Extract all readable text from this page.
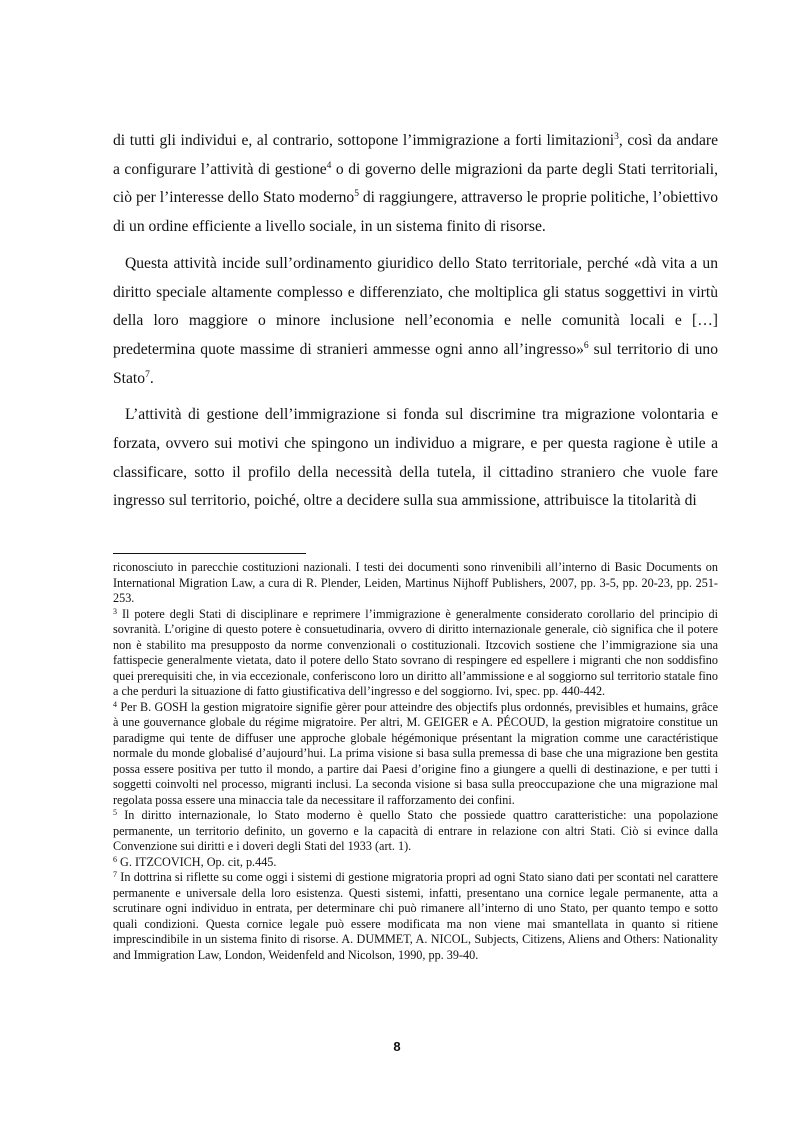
di tutti gli individui e, al contrario, sottopone l’immigrazione a forti limitazioni$^3$, così da andare a configurare l’attività di gestione$^4$ o di governo delle migrazioni da parte degli Stati territoriali, ciò per l’interesse dello Stato moderno$^5$ di raggiungere, attraverso le proprie politiche, l’obiettivo di un ordine efficiente a livello sociale, in un sistema finito di risorse.

Questa attività incide sull’ordinamento giuridico dello Stato territoriale, perché «dà vita a un diritto speciale altamente complesso e differenziato, che moltiplica gli status soggettivi in virtù della loro maggiore o minore inclusione nell’economia e nelle comunità locali e […] predetermina quote massime di stranieri ammesse ogni anno all’ingresso»$^6$ sul territorio di uno Stato$^7$.

L’attività di gestione dell’immigrazione si fonda sul discrimine tra migrazione volontaria e forzata, ovvero sui motivi che spingono un individuo a migrare, e per questa ragione è utile a classificare, sotto il profilo della necessità della tutela, il cittadino straniero che vuole fare ingresso sul territorio, poiché, oltre a decidere sulla sua ammissione, attribuisce la titolarità di

riconosciuto in parecchie costituzioni nazionali. I testi dei documenti sono rinvenibili all’interno di Basic Documents on International Migration Law, a cura di R. Plender, Leiden, Martinus Nijhoff Publishers, 2007, pp. 3-5, pp. 20-23, pp. 251-253.

$^3$ Il potere degli Stati di disciplinare e reprimere l’immigrazione è generalmente considerato corollario del principio di sovranità. L’origine di questo potere è consuetudinaria, ovvero di diritto internazionale generale, ciò significa che il potere non è stabilito ma presupposto da norme convenzionali o costituzionali. Itzcovich sostiene che l’immigrazione sia una fattispecie generalmente vietata, dato il potere dello Stato sovrano di respingere ed espellere i migranti che non soddisfino quei prerequisiti che, in via eccezionale, conferiscono loro un diritto all’ammissione e al soggiorno sul territorio statale fino a che perduri la situazione di fatto giustificativa dell’ingresso e del soggiorno. Ivi, spec. pp. 440-442.

$^4$ Per B. GOSH la gestion migratoire signifie gèrer pour atteindre des objectifs plus ordonnés, previsibles et humains, grâce à une gouvernance globale du régime migratoire. Per altri, M. GEIGER e A. PÉCOUD, la gestion migratoire constitue un paradigme qui tente de diffuser une approche globale hégémonique présentant la migration comme une caractéristique normale du monde globalisé d’aujourd’hui. La prima visione si basa sulla premessa di base che una migrazione ben gestita possa essere positiva per tutto il mondo, a partire dai Paesi d’origine fino a giungere a quelli di destinazione, e per tutti i soggetti coinvolti nel processo, migranti inclusi. La seconda visione si basa sulla preoccupazione che una migrazione mal regolata possa essere una minaccia tale da necessitare il rafforzamento dei confini.

$^5$ In diritto internazionale, lo Stato moderno è quello Stato che possiede quattro caratteristiche: una popolazione permanente, un territorio definito, un governo e la capacità di entrare in relazione con altri Stati. Ciò si evince dalla Convenzione sui diritti e i doveri degli Stati del 1933 (art. 1).

$^6$ G. ITZCOVICH, Op. cit, p.445.

$^7$ In dottrina si riflette su come oggi i sistemi di gestione migratoria propri ad ogni Stato siano dati per scontati nel carattere permanente e universale della loro esistenza. Questi sistemi, infatti, presentano una cornice legale permanente, atta a scrutinare ogni individuo in entrata, per determinare chi può rimanere all’interno di uno Stato, per quanto tempo e sotto quali condizioni. Questa cornice legale può essere modificata ma non viene mai smantellata in quanto si ritiene imprescindibile in un sistema finito di risorse. A. DUMMET, A. NICOL, Subjects, Citizens, Aliens and Others: Nationality and Immigration Law, London, Weidenfeld and Nicolson, 1990, pp. 39-40.

8
